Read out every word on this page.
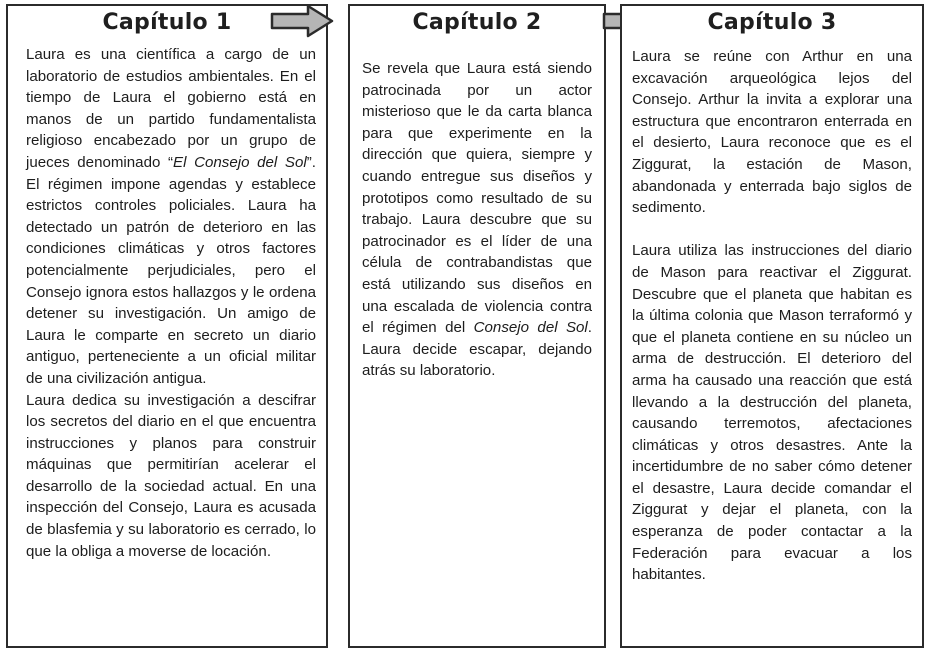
Capítulo 1

Laura es una científica a cargo de un laboratorio de estudios ambientales. En el tiempo de Laura el gobierno está en manos de un partido fundamentalista religioso encabezado por un grupo de jueces denominado “El Consejo del Sol”. El régimen impone agendas y establece estrictos controles policiales. Laura ha detectado un patrón de deterioro en las condiciones climáticas y otros factores potencialmente perjudiciales, pero el Consejo ignora estos hallazgos y le ordena detener su investigación. Un amigo de Laura le comparte en secreto un diario antiguo, perteneciente a un oficial militar de una civilización antigua.

Laura dedica su investigación a descifrar los secretos del diario en el que encuentra instrucciones y planos para construir máquinas que permitirían acelerar el desarrollo de la sociedad actual. En una inspección del Consejo, Laura es acusada de blasfemia y su laboratorio es cerrado, lo que la obliga a moverse de locación.

Capítulo 2

Se revela que Laura está siendo patrocinada por un actor misterioso que le da carta blanca para que experimente en la dirección que quiera, siempre y cuando entregue sus diseños y prototipos como resultado de su trabajo. Laura descubre que su patrocinador es el líder de una célula de contrabandistas que está utilizando sus diseños en una escalada de violencia contra el régimen del Consejo del Sol. Laura decide escapar, dejando atrás su laboratorio.

Capítulo 3

Laura se reúne con Arthur en una excavación arqueológica lejos del Consejo. Arthur la invita a explorar una estructura que encontraron enterrada en el desierto, Laura reconoce que es el Ziggurat, la estación de Mason, abandonada y enterrada bajo siglos de sedimento.

Laura utiliza las instrucciones del diario de Mason para reactivar el Ziggurat. Descubre que el planeta que habitan es la última colonia que Mason terraformó y que el planeta contiene en su núcleo un arma de destrucción. El deterioro del arma ha causado una reacción que está llevando a la destrucción del planeta, causando terremotos, afectaciones climáticas y otros desastres. Ante la incertidumbre de no saber cómo detener el desastre, Laura decide comandar el Ziggurat y dejar el planeta, con la esperanza de poder contactar a la Federación para evacuar a los habitantes.
